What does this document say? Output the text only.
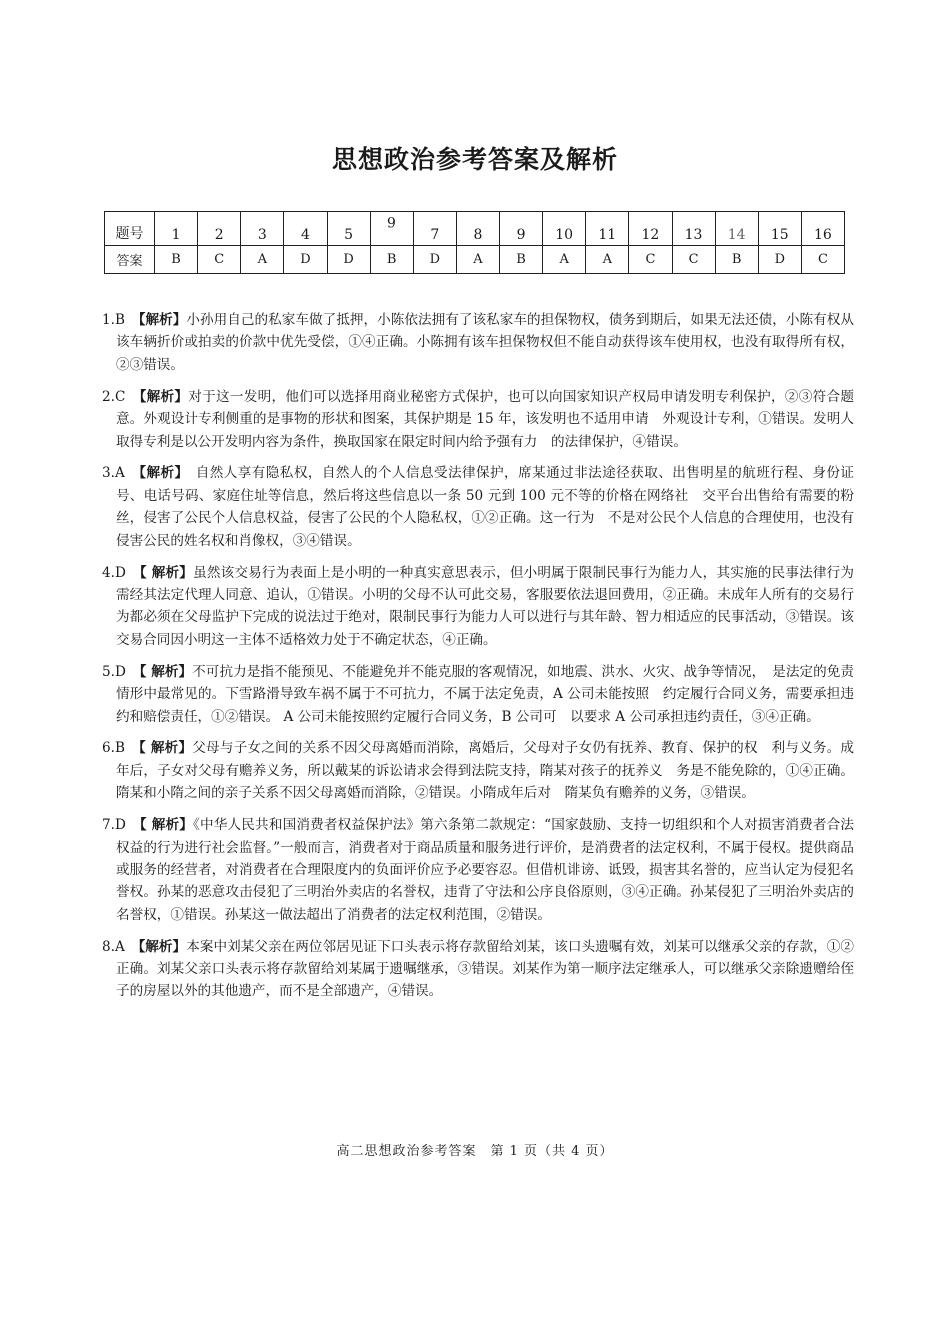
思想政治参考答案及解析
题号	1	2	3	4	5	6	7	8	9	10	11	12	13	14	15	16
答案	B	C	A	D	D	B	D	A	B	A	A	C	C	B	D	C

1.B　 【解析】小孙用自己的私家车做了抵押，小陈依法拥有了该私家车的担保物权，债务到期后，如果无法还债，小陈有权从该车辆折价或拍卖的价款中优先受偿，①④正确。小陈拥有该车担保物权但不能自动获得该车使用权，也没有取得所有权，②③错误。

2.C　 【解析】对于这一发明，他们可以选择用商业秘密方式保护，也可以向国家知识产权局申请发明专利保护，②③符合题意。外观设计专利侧重的是事物的形状和图案，其保护期是 15 年，该发明也不适用申请　外观设计专利，①错误。发明人取得专利是以公开发明内容为条件，换取国家在限定时间内给予强有力　的法律保护，④错误。

3.A　 【解析】　 自然人享有隐私权，自然人的个人信息受法律保护，席某通过非法途径获取、出售明星的航班行程、身份证号、电话号码、家庭住址等信息，然后将这些信息以一条 50 元到 100 元不等的价格在网络社　交平台出售给有需要的粉丝，侵害了公民个人信息权益，侵害了公民的个人隐私权，①②正确。这一行为　不是对公民个人信息的合理使用，也没有侵害公民的姓名权和肖像权，③④错误。

4.D　 【 解析】虽然该交易行为表面上是小明的一种真实意思表示，但小明属于限制民事行为能力人，其实施的民事法律行为需经其法定代理人同意、追认，①错误。小明的父母不认可此交易，客服要依法退回费用，②正确。未成年人所有的交易行为都必须在父母监护下完成的说法过于绝对，限制民事行为能力人可以进行与其年龄、智力相适应的民事活动，③错误。该交易合同因小明这一主体不适格效力处于不确定状态，④正确。

5.D　 【 解析】不可抗力是指不能预见、不能避免并不能克服的客观情况，如地震、洪水、火灾、战争等情况，　是法定的免责情形中最常见的。下雪路滑导致车祸不属于不可抗力，不属于法定免责，A 公司未能按照　约定履行合同义务，需要承担违约和赔偿责任，①②错误。 A 公司未能按照约定履行合同义务，B 公司可　以要求 A 公司承担违约责任，③④正确。

6.B　 【 解析】父母与子女之间的关系不因父母离婚而消除，离婚后，父母对子女仍有抚养、教育、保护的权　利与义务。成年后，子女对父母有赡养义务，所以戴某的诉讼请求会得到法院支持，隋某对孩子的抚养义　务是不能免除的，①④正确。隋某和小隋之间的亲子关系不因父母离婚而消除，②错误。小隋成年后对　隋某负有赡养的义务，③错误。

7.D　 【 解析】《中华人民共和国消费者权益保护法》第六条第二款规定：“国家鼓励、支持一切组织和个人对损害消费者合法权益的行为进行社会监督。”一般而言，消费者对于商品质量和服务进行评价，是消费者的法定权利，不属于侵权。提供商品或服务的经营者，对消费者在合理限度内的负面评价应予必要容忍。但借机诽谤、诋毁，损害其名誉的，应当认定为侵犯名誉权。孙某的恶意攻击侵犯了三明治外卖店的名誉权，违背了守法和公序良俗原则，③④正确。孙某侵犯了三明治外卖店的名誉权，①错误。孙某这一做法超出了消费者的法定权利范围，②错误。

8.A　 【解析】本案中刘某父亲在两位邻居见证下口头表示将存款留给刘某，该口头遗嘱有效，刘某可以继承父亲的存款，①②正确。刘某父亲口头表示将存款留给刘某属于遗嘱继承，③错误。刘某作为第一顺序法定继承人，可以继承父亲除遗赠给侄子的房屋以外的其他遗产，而不是全部遗产，④错误。

高二思想政治参考答案　第 1 页（共 4 页）
